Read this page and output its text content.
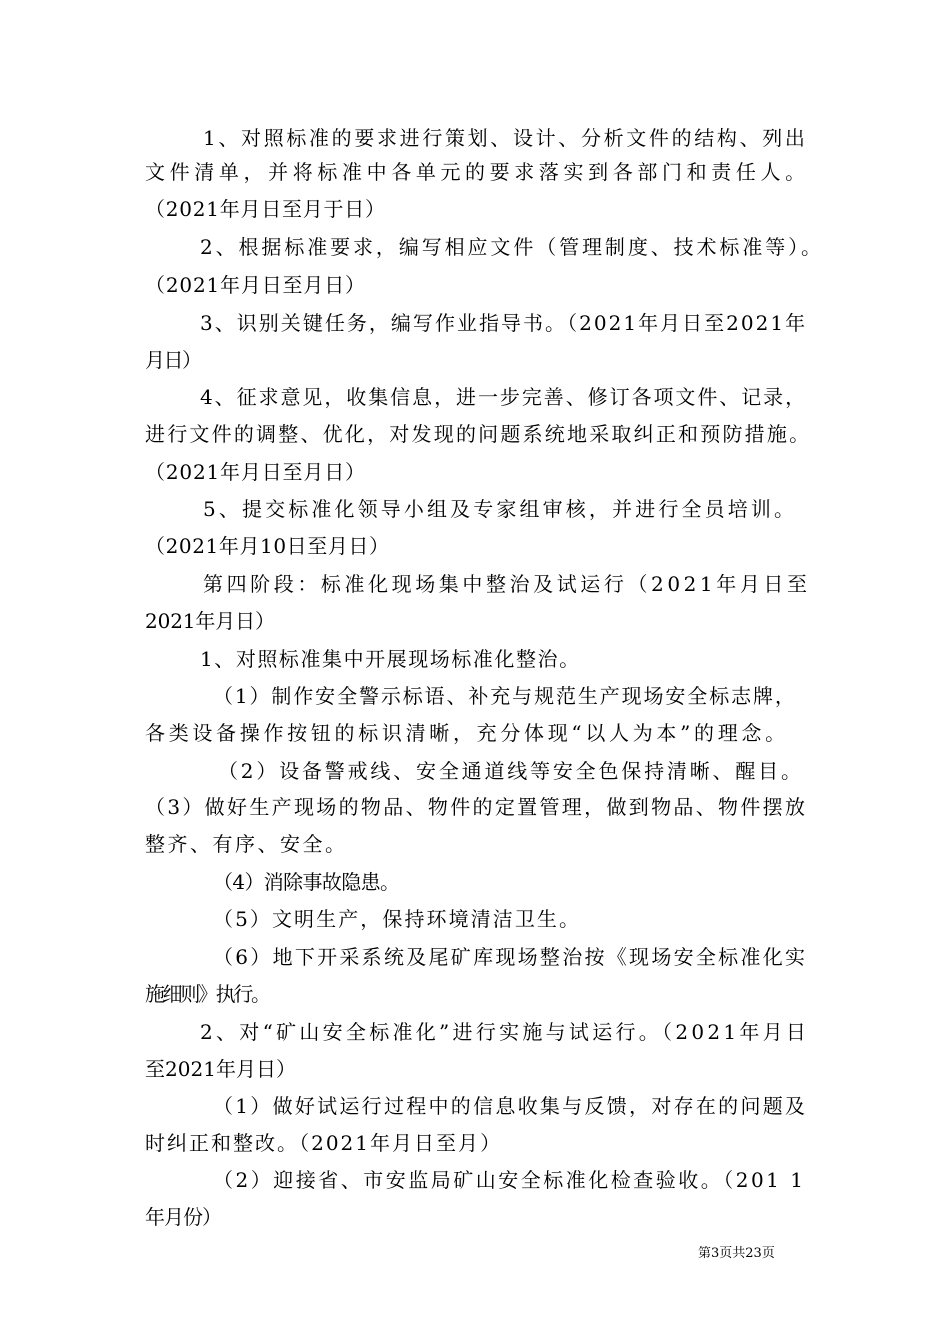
1、对照标准的要求进行策划、设计、分析文件的结构、列出
文件清单，并将标准中各单元的要求落实到各部门和责任人。
（2021年月日至月于日）
2、根据标准要求，编写相应文件（管理制度、技术标准等）。
（2021年月日至月日）
3、识别关键任务，编写作业指导书。（2021年月日至2021年
月日）
4、征求意见，收集信息，进一步完善、修订各项文件、记录，
进行文件的调整、优化，对发现的问题系统地采取纠正和预防措施。
（2021年月日至月日）
5、提交标准化领导小组及专家组审核，并进行全员培训。
（2021年月10日至月日）
第四阶段：标准化现场集中整治及试运行（2021年月日至
2021年月日）
1、对照标准集中开展现场标准化整治。
（1）制作安全警示标语、补充与规范生产现场安全标志牌，
各类设备操作按钮的标识清晰，充分体现“以人为本”的理念。
（2）设备警戒线、安全通道线等安全色保持清晰、醒目。
（3）做好生产现场的物品、物件的定置管理，做到物品、物件摆放
整齐、有序、安全。
（4）消除事故隐患。
（5）文明生产，保持环境清洁卫生。
（6）地下开采系统及尾矿库现场整治按《现场安全标准化实
施细则》执行。
2、对“矿山安全标准化”进行实施与试运行。（2021年月日
至2021年月日）
（1）做好试运行过程中的信息收集与反馈，对存在的问题及
时纠正和整改。（2021年月日至月）
（2）迎接省、市安监局矿山安全标准化检查验收。（201 1
年月份）
第3页共23页
